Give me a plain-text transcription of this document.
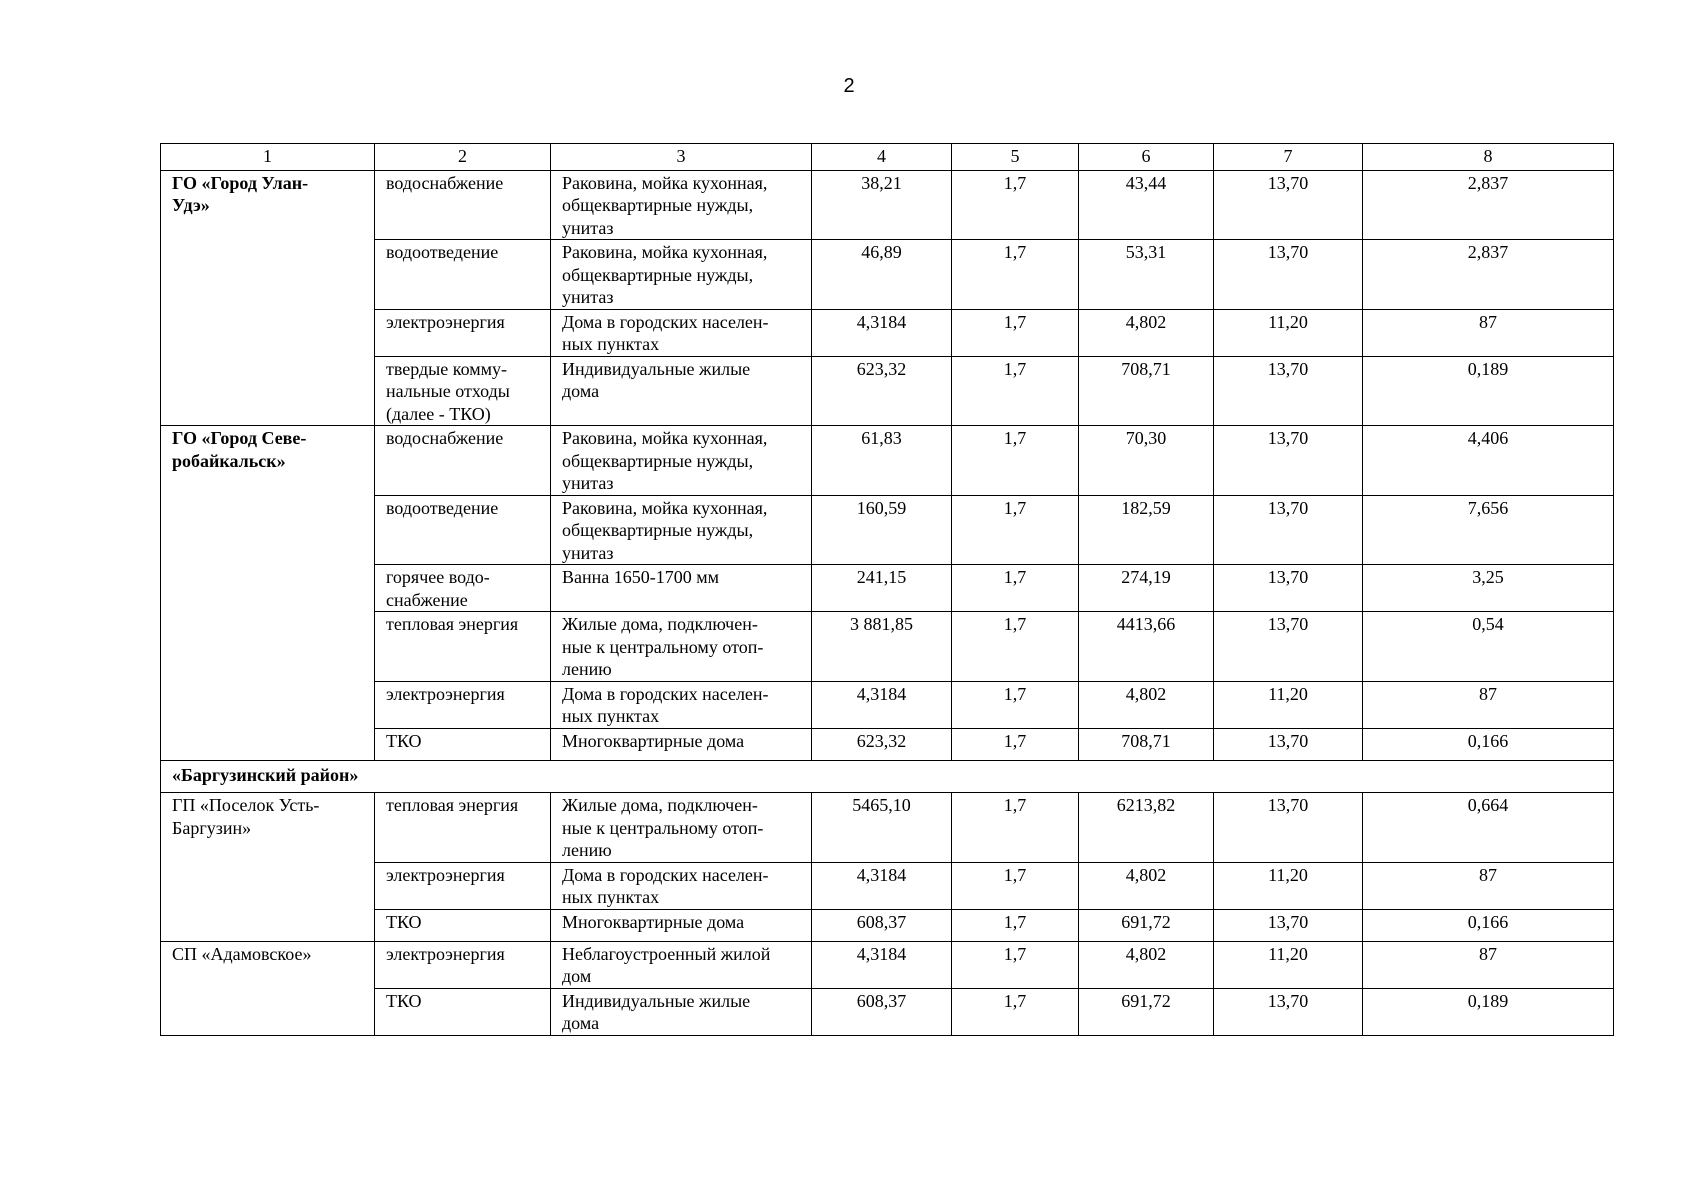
2
1	2	3	4	5	6	7	8
ГО «Город Улан-
Удэ»	водоснабжение	Раковина, мойка кухонная,
общеквартирные нужды,
унитаз	38,21	1,7	43,44	13,70	2,837
	водоотведение	Раковина, мойка кухонная,
общеквартирные нужды,
унитаз	46,89	1,7	53,31	13,70	2,837
	электроэнергия	Дома в городских населен-
ных пунктах	4,3184	1,7	4,802	11,20	87
	твердые комму-
нальные отходы
(далее - ТКО)	Индивидуальные жилые
дома	623,32	1,7	708,71	13,70	0,189
ГО «Город Севе-
робайкальск»	водоснабжение	Раковина, мойка кухонная,
общеквартирные нужды,
унитаз	61,83	1,7	70,30	13,70	4,406
	водоотведение	Раковина, мойка кухонная,
общеквартирные нужды,
унитаз	160,59	1,7	182,59	13,70	7,656
	горячее водо-
снабжение	Ванна 1650-1700 мм	241,15	1,7	274,19	13,70	3,25
	тепловая энергия	Жилые дома, подключен-
ные к центральному отоп-
лению	3 881,85	1,7	4413,66	13,70	0,54
	электроэнергия	Дома в городских населен-
ных пунктах	4,3184	1,7	4,802	11,20	87
	ТКО	Многоквартирные дома	623,32	1,7	708,71	13,70	0,166
«Баргузинский район»							
ГП «Поселок Усть-
Баргузин»	тепловая энергия	Жилые дома, подключен-
ные к центральному отоп-
лению	5465,10	1,7	6213,82	13,70	0,664
	электроэнергия	Дома в городских населен-
ных пунктах	4,3184	1,7	4,802	11,20	87
	ТКО	Многоквартирные дома	608,37	1,7	691,72	13,70	0,166
СП «Адамовское»	электроэнергия	Неблагоустроенный жилой
дом	4,3184	1,7	4,802	11,20	87
	ТКО	Индивидуальные жилые
дома	608,37	1,7	691,72	13,70	0,189
